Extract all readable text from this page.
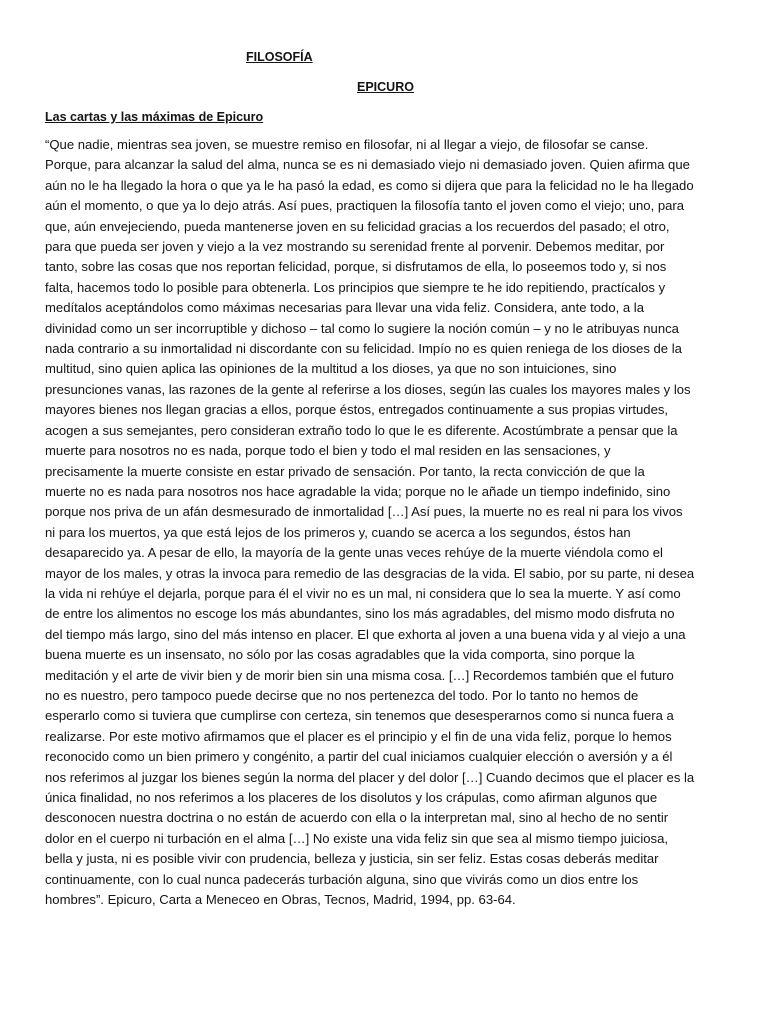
FILOSOFÍA
EPICURO
Las cartas y las máximas de Epicuro

“Que nadie, mientras sea joven, se muestre remiso en filosofar, ni al llegar a viejo, de filosofar se canse.
Porque, para alcanzar la salud del alma, nunca se es ni demasiado viejo ni demasiado joven. Quien afirma que
aún no le ha llegado la hora o que ya le ha pasó la edad, es como si dijera que para la felicidad no le ha llegado
aún el momento, o que ya lo dejo atrás. Así pues, practiquen la filosofía tanto el joven como el viejo; uno, para
que, aún envejeciendo, pueda mantenerse joven en su felicidad gracias a los recuerdos del pasado; el otro,
para que pueda ser joven y viejo a la vez mostrando su serenidad frente al porvenir. Debemos meditar, por
tanto, sobre las cosas que nos reportan felicidad, porque, si disfrutamos de ella, lo poseemos todo y, si nos
falta, hacemos todo lo posible para obtenerla. Los principios que siempre te he ido repitiendo, practícalos y
medítalos aceptándolos como máximas necesarias para llevar una vida feliz. Considera, ante todo, a la
divinidad como un ser incorruptible y dichoso – tal como lo sugiere la noción común – y no le atribuyas nunca
nada contrario a su inmortalidad ni discordante con su felicidad. Impío no es quien reniega de los dioses de la
multitud, sino quien aplica las opiniones de la multitud a los dioses, ya que no son intuiciones, sino
presunciones vanas, las razones de la gente al referirse a los dioses, según las cuales los mayores males y los
mayores bienes nos llegan gracias a ellos, porque éstos, entregados continuamente a sus propias virtudes,
acogen a sus semejantes, pero consideran extraño todo lo que le es diferente. Acostúmbrate a pensar que la
muerte para nosotros no es nada, porque todo el bien y todo el mal residen en las sensaciones, y
precisamente la muerte consiste en estar privado de sensación. Por tanto, la recta convicción de que la
muerte no es nada para nosotros nos hace agradable la vida; porque no le añade un tiempo indefinido, sino
porque nos priva de un afán desmesurado de inmortalidad […] Así pues, la muerte no es real ni para los vivos
ni para los muertos, ya que está lejos de los primeros y, cuando se acerca a los segundos, éstos han
desaparecido ya. A pesar de ello, la mayoría de la gente unas veces rehúye de la muerte viéndola como el
mayor de los males, y otras la invoca para remedio de las desgracias de la vida. El sabio, por su parte, ni desea
la vida ni rehúye el dejarla, porque para él el vivir no es un mal, ni considera que lo sea la muerte. Y así como
de entre los alimentos no escoge los más abundantes, sino los más agradables, del mismo modo disfruta no
del tiempo más largo, sino del más intenso en placer. El que exhorta al joven a una buena vida y al viejo a una
buena muerte es un insensato, no sólo por las cosas agradables que la vida comporta, sino porque la
meditación y el arte de vivir bien y de morir bien sin una misma cosa. […] Recordemos también que el futuro
no es nuestro, pero tampoco puede decirse que no nos pertenezca del todo. Por lo tanto no hemos de
esperarlo como si tuviera que cumplirse con certeza, sin tenemos que desesperarnos como si nunca fuera a
realizarse. Por este motivo afirmamos que el placer es el principio y el fin de una vida feliz, porque lo hemos
reconocido como un bien primero y congénito, a partir del cual iniciamos cualquier elección o aversión y a él
nos referimos al juzgar los bienes según la norma del placer y del dolor […] Cuando decimos que el placer es la
única finalidad, no nos referimos a los placeres de los disolutos y los crápulas, como afirman algunos que
desconocen nuestra doctrina o no están de acuerdo con ella o la interpretan mal, sino al hecho de no sentir
dolor en el cuerpo ni turbación en el alma […] No existe una vida feliz sin que sea al mismo tiempo juiciosa,
bella y justa, ni es posible vivir con prudencia, belleza y justicia, sin ser feliz. Estas cosas deberás meditar
continuamente, con lo cual nunca padecerás turbación alguna, sino que vivirás como un dios entre los
hombres”. Epicuro, Carta a Meneceo en Obras, Tecnos, Madrid, 1994, pp. 63-64.
